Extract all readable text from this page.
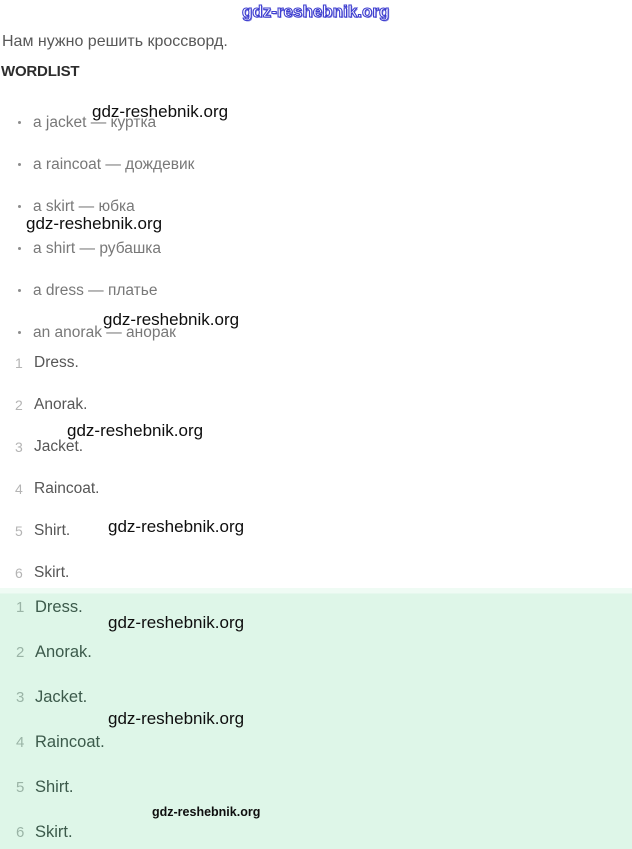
gdz-reshebnik.org

Нам нужно решить кроссворд.

WORDLIST
a jacket — куртка
a raincoat — дождевик
a skirt — юбка
a shirt — рубашка
a dress — платье
an anorak — анорак
1 Dress.
2 Anorak.
3 Jacket.
4 Raincoat.
5 Shirt.
6 Skirt.
1 Dress.
2 Anorak.
3 Jacket.
4 Raincoat.
5 Shirt.
6 Skirt.
gdz-reshebnik.org
gdz-reshebnik.org
gdz-reshebnik.org
gdz-reshebnik.org
gdz-reshebnik.org
gdz-reshebnik.org
gdz-reshebnik.org
gdz-reshebnik.org
